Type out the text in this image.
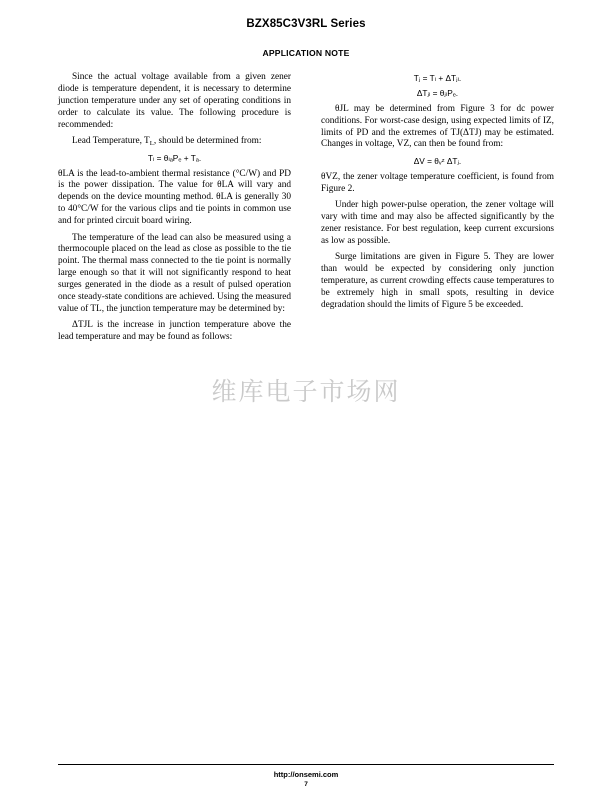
BZX85C3V3RL Series
APPLICATION NOTE

Since the actual voltage available from a given zener diode is temperature dependent, it is necessary to determine junction temperature under any set of operating conditions in order to calculate its value. The following procedure is recommended:

Lead Temperature, $T_L$, should be determined from:

Tₗ = θₗₐPₑ + Tₐ.

θLA is the lead-to-ambient thermal resistance (°C/W) and PD is the power dissipation. The value for θLA will vary and depends on the device mounting method. θLA is generally 30 to 40°C/W for the various clips and tie points in common use and for printed circuit board wiring.

The temperature of the lead can also be measured using a thermocouple placed on the lead as close as possible to the tie point. The thermal mass connected to the tie point is normally large enough so that it will not significantly respond to heat surges generated in the diode as a result of pulsed operation once steady-state conditions are achieved. Using the measured value of TL, the junction temperature may be determined by:

ΔTJL is the increase in junction temperature above the lead temperature and may be found as follows:

Tⱼ = Tₗ + ΔTⱼₗ.
ΔTⱼₗ = θⱼₗPₑ.

θJL may be determined from Figure 3 for dc power conditions. For worst-case design, using expected limits of IZ, limits of PD and the extremes of TJ(ΔTJ) may be estimated. Changes in voltage, VZ, can then be found from:

ΔV = θᵥᶻ ΔTⱼ.

θVZ, the zener voltage temperature coefficient, is found from Figure 2.

Under high power-pulse operation, the zener voltage will vary with time and may also be affected significantly by the zener resistance. For best regulation, keep current excursions as low as possible.

Surge limitations are given in Figure 5. They are lower than would be expected by considering only junction temperature, as current crowding effects cause temperatures to be extremely high in small spots, resulting in device degradation should the limits of Figure 5 be exceeded.

维库电子市场网
http://onsemi.com
7
